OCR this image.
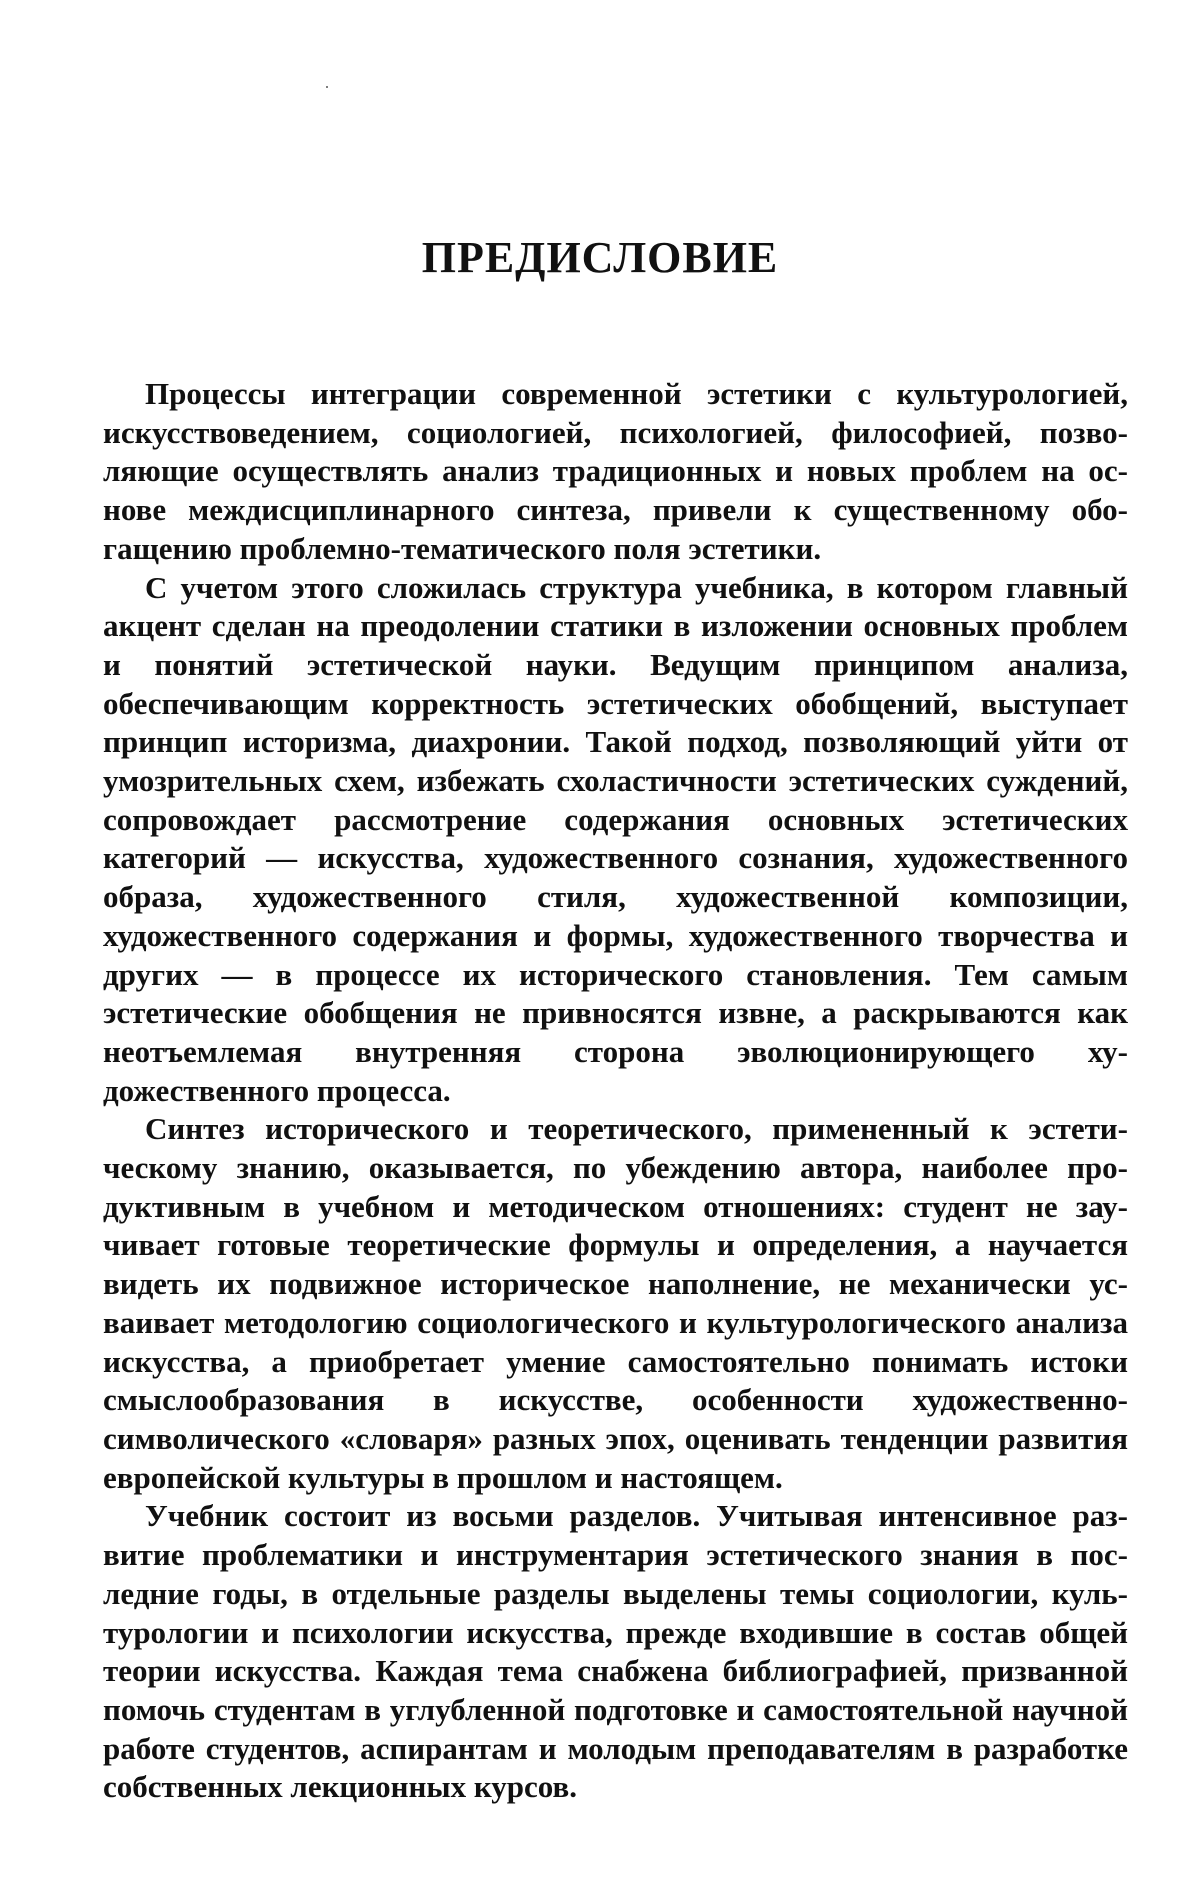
ПРЕДИСЛОВИЕ

Процессы интеграции современной эстетики с культурологией, искусствоведением, социологией, психологией, философией, позволяющие осуществлять анализ традиционных и новых проблем на основе междисциплинарного синтеза, привели к существенному обогащению проблемно-тематического поля эстетики.

С учетом этого сложилась структура учебника, в котором главный акцент сделан на преодолении статики в изложении основных проблем и понятий эстетической науки. Ведущим принципом анализа, обеспечивающим корректность эстетических обобщений, выступает принцип историзма, диахронии. Такой подход, позволяющий уйти от умозрительных схем, избежать схоластичности эстетических суждений, сопровождает рассмотрение содержания основных эстетических категорий — искусства, художественного сознания, художественного образа, художественного стиля, художественной композиции, художественного содержания и формы, художественного творчества и других — в процессе их исторического становления. Тем самым эстетические обобщения не привносятся извне, а раскрываются как неотъемлемая внутренняя сторона эволюционирующего художественного процесса.

Синтез исторического и теоретического, примененный к эстетическому знанию, оказывается, по убеждению автора, наиболее продуктивным в учебном и методическом отношениях: студент не заучивает готовые теоретические формулы и определения, а научается видеть их подвижное историческое наполнение, не механически усваивает методологию социологического и культурологического анализа искусства, а приобретает умение самостоятельно понимать истоки смыслообразования в искусстве, особенности художественно-символического «словаря» разных эпох, оценивать тенденции развития европейской культуры в прошлом и настоящем.

Учебник состоит из восьми разделов. Учитывая интенсивное развитие проблематики и инструментария эстетического знания в последние годы, в отдельные разделы выделены темы социологии, культурологии и психологии искусства, прежде входившие в состав общей теории искусства. Каждая тема снабжена библиографией, призванной помочь студентам в углубленной подготовке и самостоятельной научной работе студентов, аспирантам и молодым преподавателям в разработке собственных лекционных курсов.
